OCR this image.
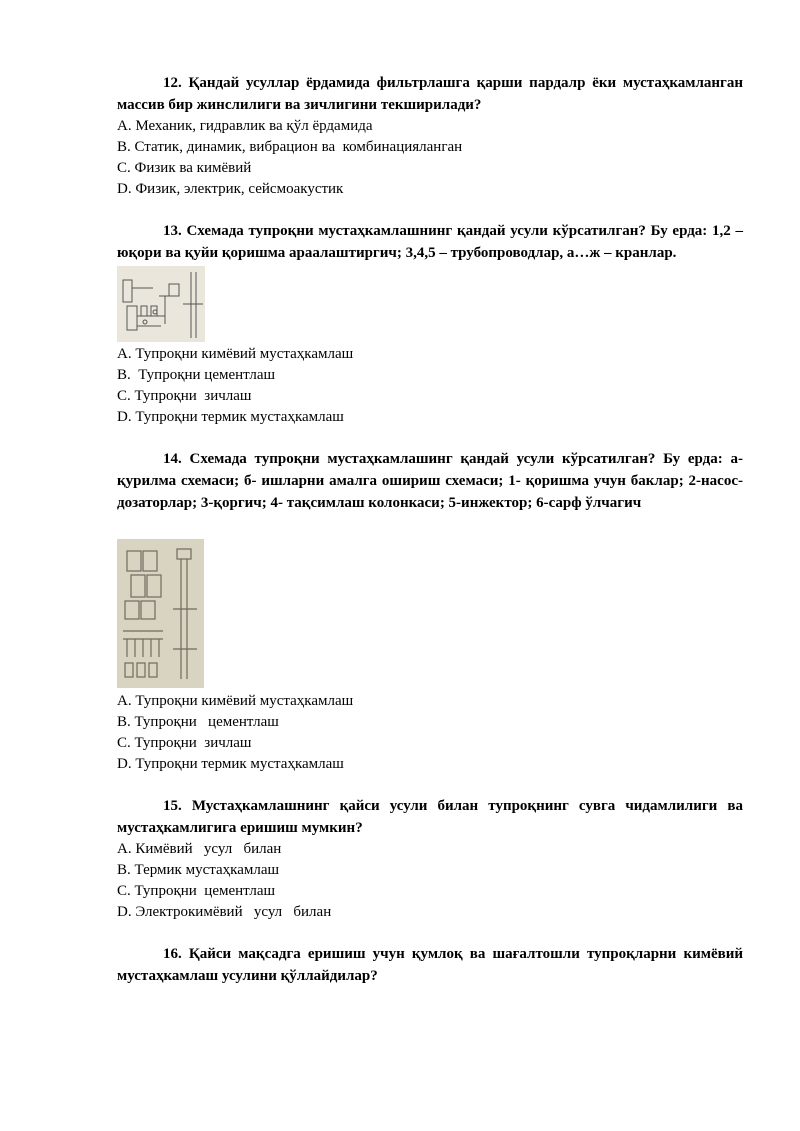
12. Қандай усуллар ёрдамида фильтрлашга қарши пардалр ёки мустаҳкамланган массив бир жинслилиги ва зичлигини текширилади?

A. Механик, гидравлик ва қўл ёрдамида

B. Статик, динамик, вибрацион ва  комбинацияланган

C. Физик ва кимёвий

D. Физик, электрик, сейсмоакустик

13. Схемада тупроқни мустаҳкамлашнинг қандай усули кўрсатилган? Бу ерда: 1,2 – юқори ва қуйи қоришма араалаштиргич; 3,4,5 – трубопроводлар, а…ж – кранлар.

A. Тупроқни кимёвий мустаҳкамлаш

B.  Тупроқни цементлаш

C. Тупроқни  зичлаш

D. Тупроқни термик мустаҳкамлаш

14. Схемада тупроқни мустаҳкамлашинг қандай усули кўрсатилган? Бу ерда: а-қурилма схемаси; б- ишларни амалга ошириш схемаси; 1- қоришма учун баклар; 2-насос-дозаторлар; 3-қоргич; 4- тақсимлаш колонкаси; 5-инжектор; 6-сарф ўлчагич

A. Тупроқни кимёвий мустаҳкамлаш

B. Тупроқни   цементлаш

C. Тупроқни  зичлаш

D. Тупроқни термик мустаҳкамлаш

15. Мустаҳкамлашнинг қайси усули билан тупроқнинг сувга чидамлилиги ва мустаҳкамлигига еришиш мумкин?

A. Кимёвий   усул   билан

B. Термик мустаҳкамлаш

C. Тупроқни  цементлаш

D. Электрокимёвий   усул   билан

16. Қайси мақсадга еришиш учун қумлоқ ва шағалтошли тупроқларни кимёвий мустаҳкамлаш усулини қўллайдилар?
